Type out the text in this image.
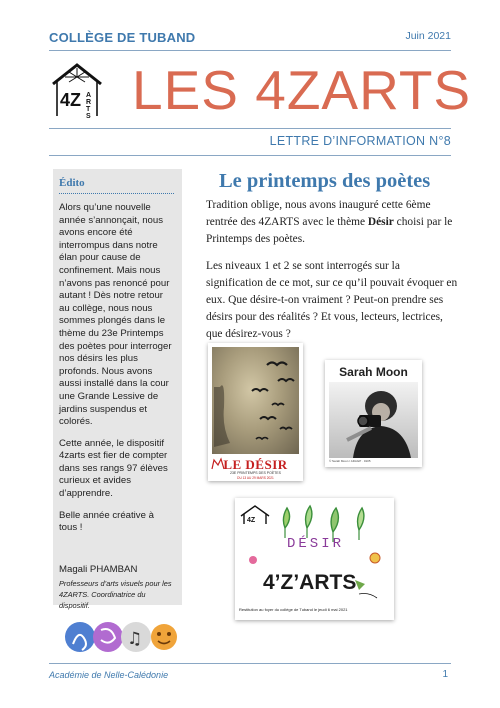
COLLÈGE DE TUBAND	Juin 2021
4Z A
R
T
S LES 4ZARTS
LETTRE D’INFORMATION N°8
Édito

Alors qu’une nouvelle année s’annonçait, nous avons encore été interrompus dans notre élan pour cause de confinement. Mais nous n’avons pas renoncé pour autant ! Dès notre retour au collège, nous nous sommes plongés dans le thème du 23e Printemps des poètes pour interroger nos désirs les plus profonds. Nous avons aussi installé dans la cour une Grande Lessive de jardins suspendus et colorés.

Cette année, le dispositif 4zarts est fier de compter dans ses rangs 97 élèves curieux et avides d’apprendre.

Belle année créative à tous !

Magali PHAMBAN
Professeurs d’arts visuels pour les 4ZARTS. Coordinatrice du dispositif.
Le printemps des poètes

Tradition oblige, nous avons inauguré cette 6ème rentrée des 4ZARTS avec le thème Désir choisi par le Printemps des poètes.

Les niveaux 1 et 2 se sont interrogés sur la signification de ce mot, sur ce qu’il pouvait évoquer en eux. Que désire-t-on vraiment ? Peut-on prendre ses désirs pour des réalités ? Et vous, lecteurs, lectrices, que désirez-vous ?

LE DÉSIR
23E PRINTEMPS DES POÈTES
DU 13 AU 29 MARS 2021
Sarah Moon
© Sarah Moon / ADAGP · 0105
4Z
DÉSIR
4’Z’ARTS
Restitution au foyer du collège de Tuband le jeudi 6 mai 2021
♫
Académie de Nelle-Calédonie	1
